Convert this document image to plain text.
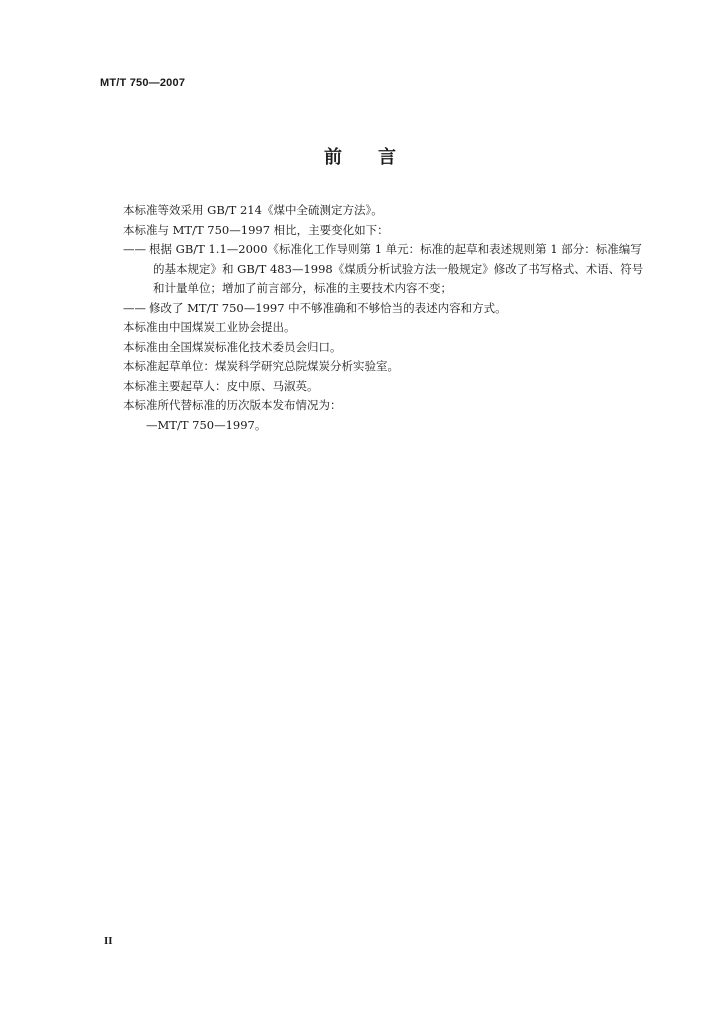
MT/T 750—2007
前 言
本标准等效采用 GB/T 214《煤中全硫测定方法》。
本标准与 MT/T 750—1997 相比，主要变化如下：
—— 根据 GB/T 1.1—2000《标准化工作导则第 1 单元：标准的起草和表述规则第 1 部分：标准编写
的基本规定》和 GB/T 483—1998《煤质分析试验方法一般规定》修改了书写格式、术语、符号
和计量单位；增加了前言部分，标准的主要技术内容不变；
—— 修改了 MT/T 750—1997 中不够准确和不够恰当的表述内容和方式。
本标准由中国煤炭工业协会提出。
本标准由全国煤炭标准化技术委员会归口。
本标准起草单位：煤炭科学研究总院煤炭分析实验室。
本标准主要起草人：皮中原、马淑英。
本标准所代替标准的历次版本发布情况为：
—MT/T 750—1997。
II
